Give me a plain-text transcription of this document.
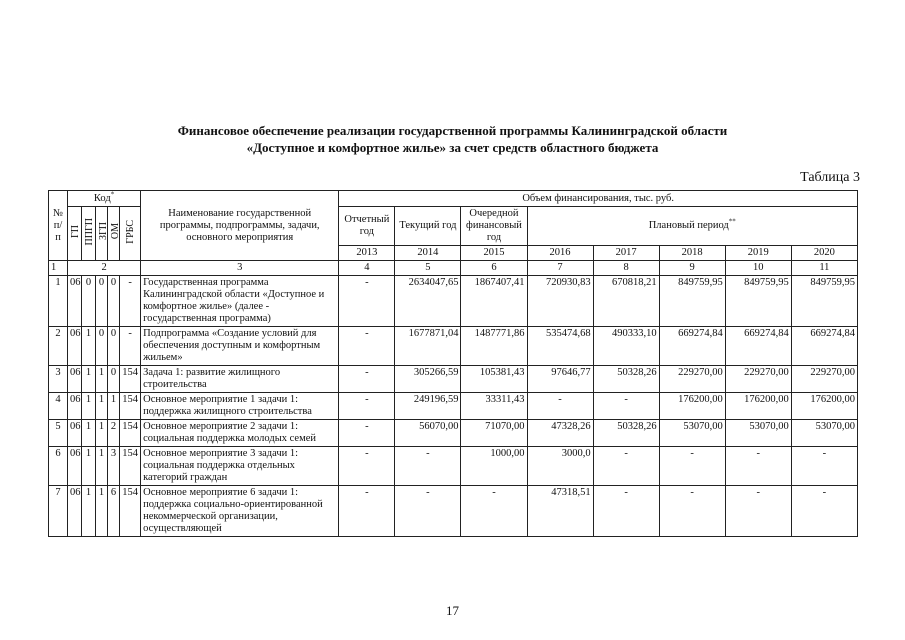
Финансовое обеспечение реализации государственной программы Калининградской области
«Доступное и комфортное жилье» за счет средств областного бюджета
Таблица 3
№ п/п	Код*					Наименование государственной программы, подпрограммы, задачи, основного мероприятия	Объем финансирования, тыс. руб.							
	ГП	ППГП	ЗГП	ОМ	ГРБС		Отчетный год	Текущий год	Очередной финансовый год	Плановый период**
							2013	2014	2015	2016	2017	2018	2019	2020
1	2					3	4	5	6	7	8	9	10	11
1	06	0	0	0	-	Государственная программа Калининградской области «Доступное и комфортное жилье» (далее - государственная программа)	-	2634047,65	1867407,41	720930,83	670818,21	849759,95	849759,95	849759,95
2	06	1	0	0	-	Подпрограмма «Создание условий для обеспечения доступным и комфортным жильем»	-	1677871,04	1487771,86	535474,68	490333,10	669274,84	669274,84	669274,84
3	06	1	1	0	154	Задача 1: развитие жилищного строительства	-	305266,59	105381,43	97646,77	50328,26	229270,00	229270,00	229270,00
4	06	1	1	1	154	Основное мероприятие 1 задачи 1: поддержка жилищного строительства	-	249196,59	33311,43	-	-	176200,00	176200,00	176200,00
5	06	1	1	2	154	Основное мероприятие 2 задачи 1: социальная поддержка молодых семей	-	56070,00	71070,00	47328,26	50328,26	53070,00	53070,00	53070,00
6	06	1	1	3	154	Основное мероприятие 3 задачи 1: социальная поддержка отдельных категорий граждан	-	-	1000,00	3000,0	-	-	-	-
7	06	1	1	6	154	Основное мероприятие 6 задачи 1: поддержка социально-ориентированной некоммерческой организации, осуществляющей	-	-	-	47318,51	-	-	-	-
17
